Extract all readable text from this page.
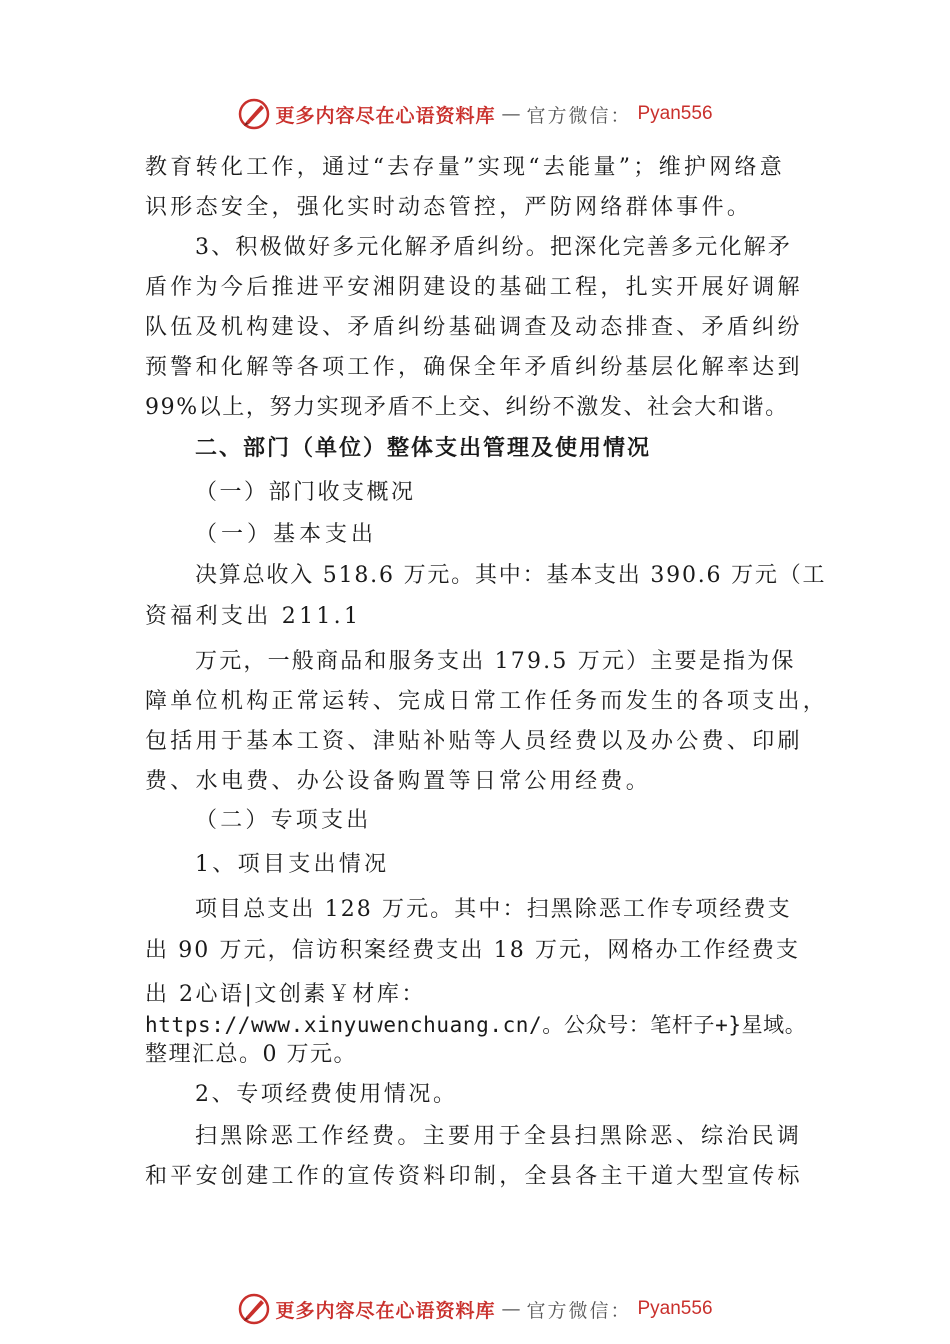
更多内容尽在心语资料库 — 官方微信： Pyan556
教育转化工作，通过“去存量”实现“去能量”；维护网络意
识形态安全，强化实时动态管控，严防网络群体事件。
3、积极做好多元化解矛盾纠纷。把深化完善多元化解矛
盾作为今后推进平安湘阴建设的基础工程，扎实开展好调解
队伍及机构建设、矛盾纠纷基础调查及动态排查、矛盾纠纷
预警和化解等各项工作，确保全年矛盾纠纷基层化解率达到
99%以上，努力实现矛盾不上交、纠纷不激发、社会大和谐。
二、部门（单位）整体支出管理及使用情况
（一）部门收支概况
（一）基本支出
决算总收入 518.6 万元。其中：基本支出 390.6 万元（工
资福利支出 211.1
万元，一般商品和服务支出 179.5 万元）主要是指为保
障单位机构正常运转、完成日常工作任务而发生的各项支出，
包括用于基本工资、津贴补贴等人员经费以及办公费、印刷
费、水电费、办公设备购置等日常公用经费。
（二）专项支出
1、项目支出情况
项目总支出 128 万元。其中：扫黑除恶工作专项经费支
出 90 万元，信访积案经费支出 18 万元，网格办工作经费支
出 2心语|文创素￥材库：
https://www.xinyuwenchuang.cn/。公众号：笔杆子+}星域。
整理汇总。0 万元。
2、专项经费使用情况。
扫黑除恶工作经费。主要用于全县扫黑除恶、综治民调
和平安创建工作的宣传资料印制，全县各主干道大型宣传标
更多内容尽在心语资料库 — 官方微信： Pyan556
